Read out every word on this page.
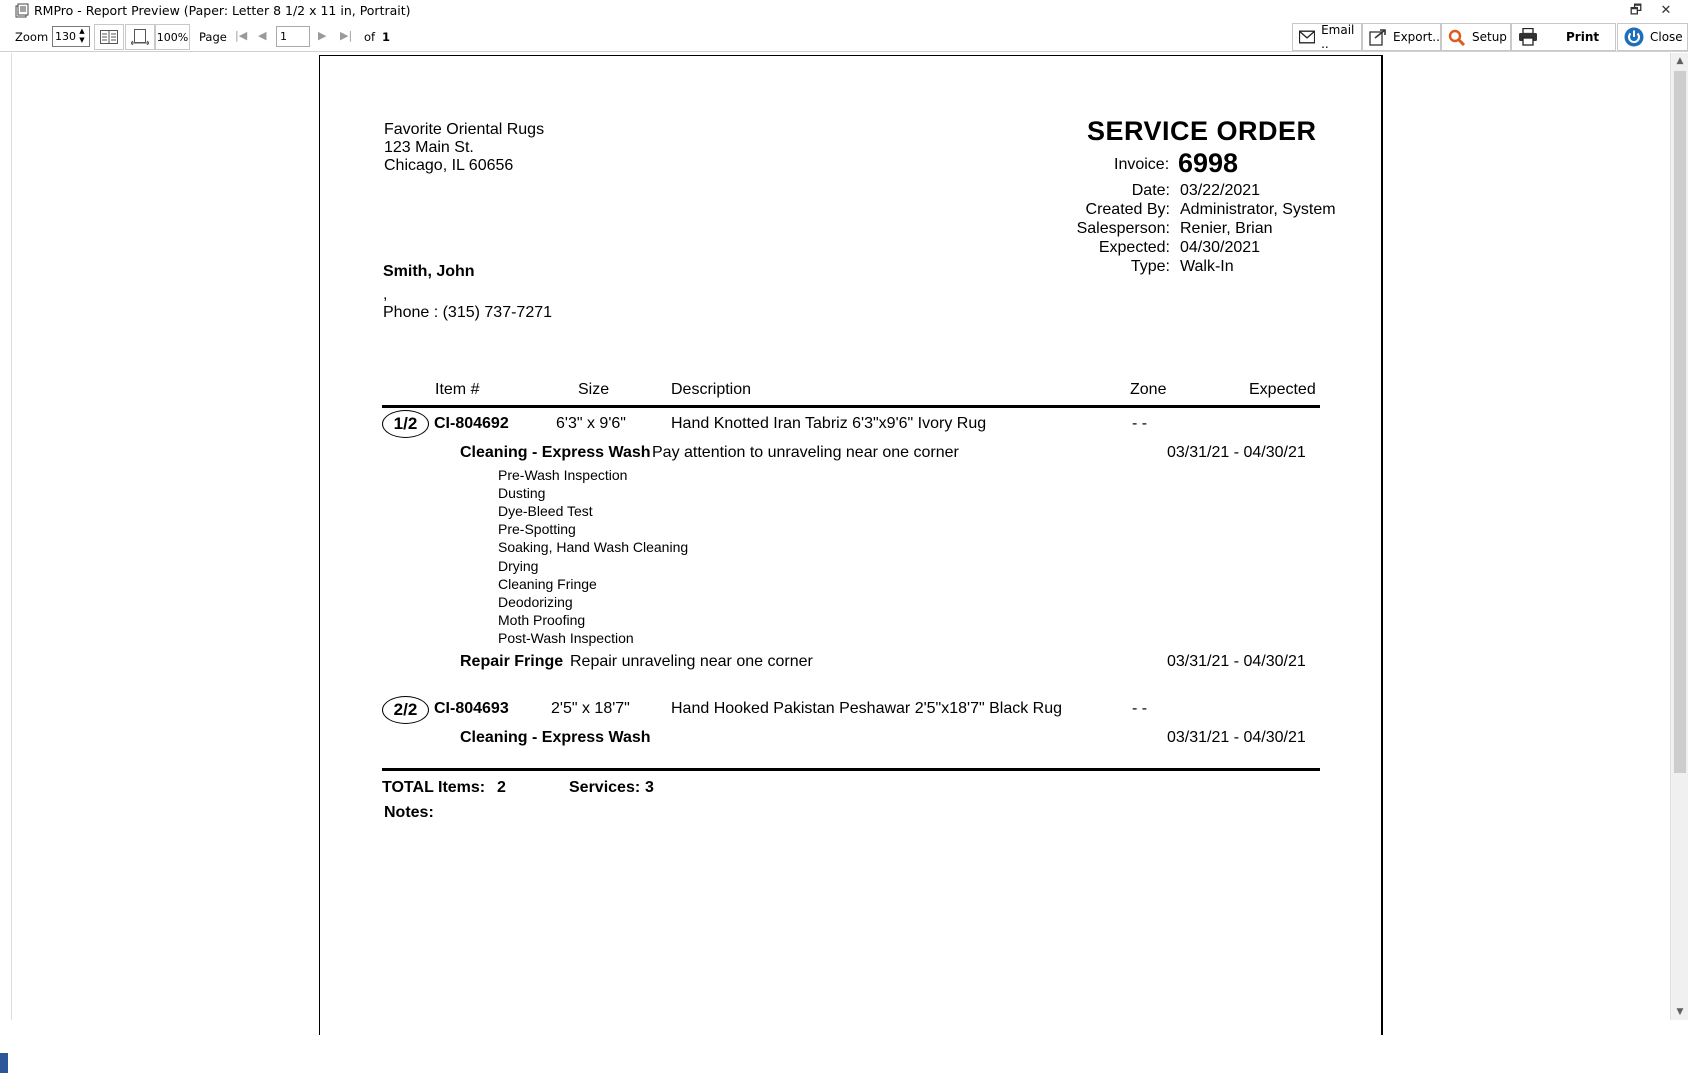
RMPro - Report Preview (Paper: Letter 8 1/2 x 11 in, Portrait)	🗗	✕
Zoom 130 ▲
▼	100% Page |◀ ◀	1	▶ ▶| of 1	Email ..	Export..	Setup	Print	Close
▲
▼
Favorite Oriental Rugs
123 Main St.
Chicago, IL 60656
SERVICE ORDER
Invoice: 6998
Date: 03/22/2021
Created By: Administrator, System
Salesperson: Renier, Brian
Expected: 04/30/2021
Type: Walk-In
Smith, John
,
Phone : (315) 737-7271
Item #	Size	Description	Zone	Expected
1/2	CI-804692	6'3" x 9'6"	Hand Knotted Iran Tabriz 6'3"x9'6" Ivory Rug	- -
Cleaning - Express Wash Pay attention to unraveling near one corner	03/31/21 - 04/30/21
Pre-Wash Inspection
Dusting
Dye-Bleed Test
Pre-Spotting
Soaking, Hand Wash Cleaning
Drying
Cleaning Fringe
Deodorizing
Moth Proofing
Post-Wash Inspection
Repair Fringe Repair unraveling near one corner	03/31/21 - 04/30/21
2/2	CI-804693	2'5" x 18'7"	Hand Hooked Pakistan Peshawar 2'5"x18'7" Black Rug	- -
Cleaning - Express Wash	03/31/21 - 04/30/21
TOTAL Items: 2	Services: 3
Notes:
